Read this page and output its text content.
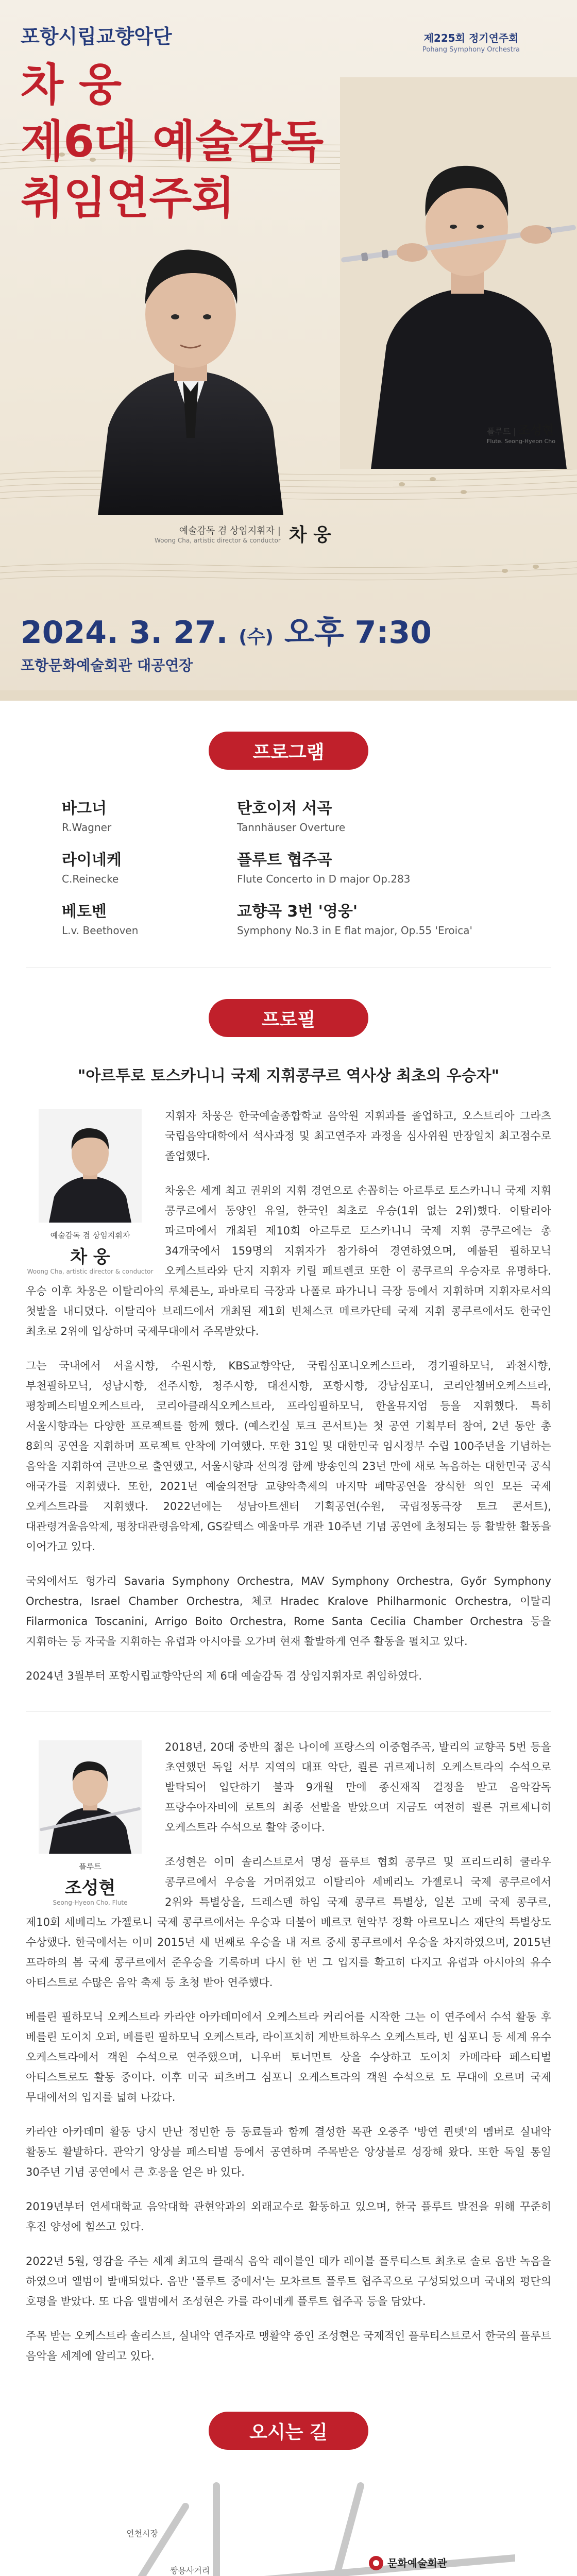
포항시립교향악단
차 웅
제6대 예술감독
취임연주회
제225회 정기연주회
Pohang Symphony Orchestra
플루트 | 조성현
Flute. Seong-Hyeon Cho
예술감독 겸 상임지휘자 |
Woong Cha, artistic director & conductor 차 웅
2024. 3. 27. (수) 오후 7:30
포항문화예술회관 대공연장
프로그램
바그너
R.Wagner
탄호이저 서곡
Tannhäuser Overture
라이네케
C.Reinecke
플루트 협주곡
Flute Concerto in D major Op.283
베토벤
L.v. Beethoven
교향곡 3번 '영웅'
Symphony No.3 in E flat major, Op.55 'Eroica'
프로필
"아르투로 토스카니니 국제 지휘콩쿠르 역사상 최초의 우승자"
예술감독 겸 상임지휘자
차 웅
Woong Cha, artistic director & conductor

지휘자 차웅은 한국예술종합학교 음악원 지휘과를 졸업하고, 오스트리아 그라츠 국립음악대학에서 석사과정 및 최고연주자 과정을 심사위원 만장일치 최고점수로 졸업했다.

차웅은 세계 최고 권위의 지휘 경연으로 손꼽히는 아르투로 토스카니니 국제 지휘 콩쿠르에서 동양인 유일, 한국인 최초로 우승(1위 없는 2위)했다. 이탈리아 파르마에서 개최된 제10회 아르투로 토스카니니 국제 지휘 콩쿠르에는 총 34개국에서 159명의 지휘자가 참가하여 경연하였으며, 예룹된 필하모닉 오케스트라와 단지 지휘자 키릴 페트렌코 또한 이 콩쿠르의 우승자로 유명하다. 우승 이후 차웅은 이탈리아의 루체른노, 파바로티 극장과 나폴로 파가니니 극장 등에서 지휘하며 지휘자로서의 첫발을 내디뎠다. 이탈리아 브레드에서 개최된 제1회 빈체스코 메르카단테 국제 지휘 콩쿠르에서도 한국인 최초로 2위에 입상하며 국제무대에서 주목받았다.

그는 국내에서 서울시향, 수원시향, KBS교향악단, 국립심포니오케스트라, 경기필하모닉, 과천시향, 부천필하모닉, 성남시향, 전주시향, 청주시향, 대전시향, 포항시향, 강남심포니, 코리안챔버오케스트라, 평창페스티벌오케스트라, 코리아클래식오케스트라, 프라임필하모닉, 한올뮤지엄 등을 지휘했다. 특히 서울시향과는 다양한 프로젝트를 함께 했다. (예스킨실 토크 콘서트)는 첫 공연 기획부터 참여, 2년 동안 총 8회의 공연을 지휘하며 프로젝트 안착에 기여했다. 또한 31일 및 대한민국 임시정부 수립 100주년을 기념하는 음악을 지휘하여 큰반으로 출연했고, 서울시향과 선의경 함께 방송인의 23년 만에 새로 녹음하는 대한민국 공식 애국가를 지휘했다. 또한, 2021년 예술의전당 교향악축제의 마지막 폐막공연을 장식한 의인 모든 국제 오케스트라를 지휘했다. 2022년에는 성남아트센터 기획공연(수원, 국립정동극장 토크 콘서트), 대관령겨울음악제, 평창대관령음악제, GS칼텍스 예울마루 개관 10주년 기념 공연에 초청되는 등 활발한 활동을 이어가고 있다.

국외에서도 헝가리 Savaria Symphony Orchestra, MAV Symphony Orchestra, Győr Symphony Orchestra, Israel Chamber Orchestra, 체코 Hradec Kralove Philharmonic Orchestra, 이탈리 Filarmonica Toscanini, Arrigo Boito Orchestra, Rome Santa Cecilia Chamber Orchestra 등을 지휘하는 등 자국을 지휘하는 유럽과 아시아를 오가며 현재 활발하게 연주 활동을 펼치고 있다.

2024년 3월부터 포항시립교향악단의 제 6대 예술감독 겸 상임지휘자로 취임하였다.

플루트
조성현
Seong-Hyeon Cho, Flute

2018년, 20대 중반의 젊은 나이에 프랑스의 이중협주곡, 발리의 교향곡 5번 등을 초연했던 독일 서부 지역의 대표 악단, 쾰른 귀르제니히 오케스트라의 수석으로 발탁되어 입단하기 불과 9개월 만에 종신재직 결정을 받고 음악감독 프랑수아자비에 로트의 최종 선발을 받았으며 지금도 여전히 쾰른 귀르제니히 오케스트라 수석으로 활약 중이다.

조성현은 이미 솔리스트로서 명성 플루트 협회 콩쿠르 및 프리드리히 쿨라우 콩쿠르에서 우승을 거머쥐었고 이탈리아 세베리노 가젤로니 국제 콩쿠르에서 2위와 특별상을, 드레스덴 하임 국제 콩쿠르 특별상, 일본 고베 국제 콩쿠르, 제10회 세베리노 가젤로니 국제 콩쿠르에서는 우승과 더불어 베르코 현악부 정확 아르모니스 재단의 특별상도 수상했다. 한국에서는 이미 2015년 세 번째로 우승을 내 저르 중세 콩쿠르에서 우승을 차지하였으며, 2015년 프라하의 봄 국제 콩쿠르에서 준우승을 기록하며 다시 한 번 그 입지를 확고히 다지고 유럽과 아시아의 유수 아티스트로 수많은 음악 축제 등 초청 받아 연주했다.

베를린 필하모닉 오케스트라 카라얀 아카데미에서 오케스트라 커리어를 시작한 그는 이 연주에서 수석 활동 후 베를린 도이치 오퍼, 베를린 필하모닉 오케스트라, 라이프치히 게반트하우스 오케스트라, 빈 심포니 등 세계 유수 오케스트라에서 객원 수석으로 연주했으며, 니우버 토너먼트 상을 수상하고 도이치 카메라타 페스티벌 아티스트로도 활동 중이다. 이후 미국 피츠버그 심포니 오케스트라의 객원 수석으로 도 무대에 오르며 국제 무대에서의 입지를 넓혀 나갔다.

카라얀 아카데미 활동 당시 만난 정민한 등 동료들과 함께 결성한 목관 오중주 '방연 퀸텟'의 멤버로 실내악 활동도 활발하다. 관악기 앙상블 페스티벌 등에서 공연하며 주목받은 앙상블로 성장해 왔다. 또한 독일 통일 30주년 기념 공연에서 큰 호응을 얻은 바 있다.

2019년부터 연세대학교 음악대학 관현악과의 외래교수로 활동하고 있으며, 한국 플루트 발전을 위해 꾸준히 후진 양성에 힘쓰고 있다.

2022년 5월, 영감을 주는 세계 최고의 클래식 음악 레이블인 데카 레이블 플루티스트 최초로 솔로 음반 녹음을 하였으며 앨범이 발매되었다. 음반 '플루트 중에서'는 모차르트 플루트 협주곡으로 구성되었으며 국내외 평단의 호평을 받았다. 또 다음 앨범에서 조성현은 카를 라이네케 플루트 협주곡 등을 담았다.

주목 받는 오케스트라 솔리스트, 실내악 연주자로 맹활약 중인 조성현은 국제적인 플루티스트로서 한국의 플루트 음악을 세계에 알리고 있다.

오시는 길
연천시장
쌍용사거리
문화예술회관
